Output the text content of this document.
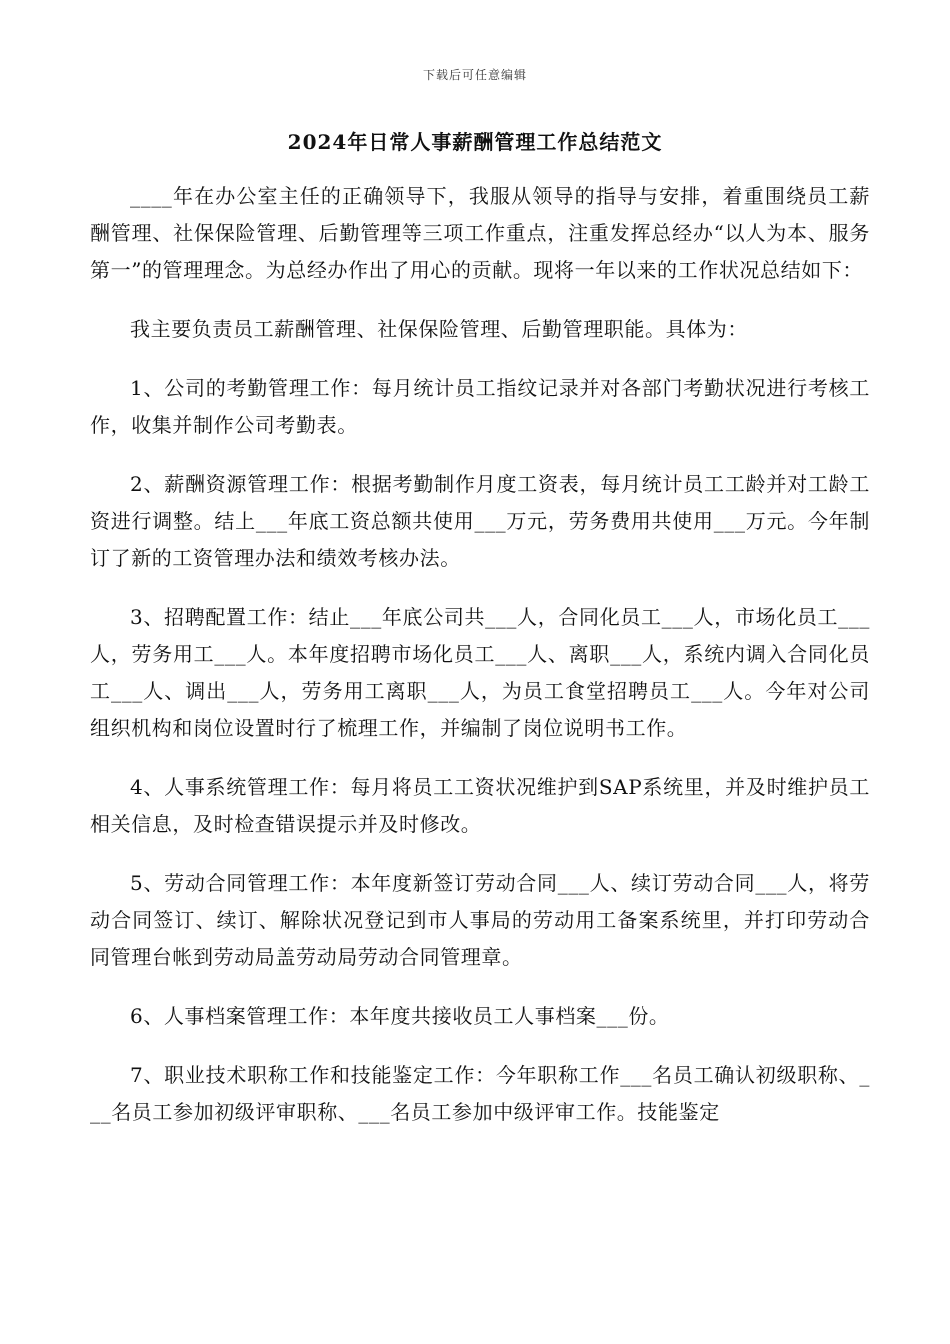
下载后可任意编辑
2024年日常人事薪酬管理工作总结范文

____年在办公室主任的正确领导下，我服从领导的指导与安排，着重围绕员工薪酬管理、社保保险管理、后勤管理等三项工作重点，注重发挥总经办“以人为本、服务第一”的管理理念。为总经办作出了用心的贡献。现将一年以来的工作状况总结如下：

我主要负责员工薪酬管理、社保保险管理、后勤管理职能。具体为：

1、公司的考勤管理工作：每月统计员工指纹记录并对各部门考勤状况进行考核工作，收集并制作公司考勤表。

2、薪酬资源管理工作：根据考勤制作月度工资表，每月统计员工工龄并对工龄工资进行调整。结上___年底工资总额共使用___万元，劳务费用共使用___万元。今年制订了新的工资管理办法和绩效考核办法。

3、招聘配置工作：结止___年底公司共___人，合同化员工___人，市场化员工___人，劳务用工___人。本年度招聘市场化员工___人、离职___人，系统内调入合同化员工___人、调出___人，劳务用工离职___人，为员工食堂招聘员工___人。今年对公司组织机构和岗位设置时行了梳理工作，并编制了岗位说明书工作。

4、人事系统管理工作：每月将员工工资状况维护到SAP系统里，并及时维护员工相关信息，及时检查错误提示并及时修改。

5、劳动合同管理工作：本年度新签订劳动合同___人、续订劳动合同___人，将劳动合同签订、续订、解除状况登记到市人事局的劳动用工备案系统里，并打印劳动合同管理台帐到劳动局盖劳动局劳动合同管理章。

6、人事档案管理工作：本年度共接收员工人事档案___份。

7、职业技术职称工作和技能鉴定工作：今年职称工作___名员工确认初级职称、___名员工参加初级评审职称、___名员工参加中级评审工作。技能鉴定
